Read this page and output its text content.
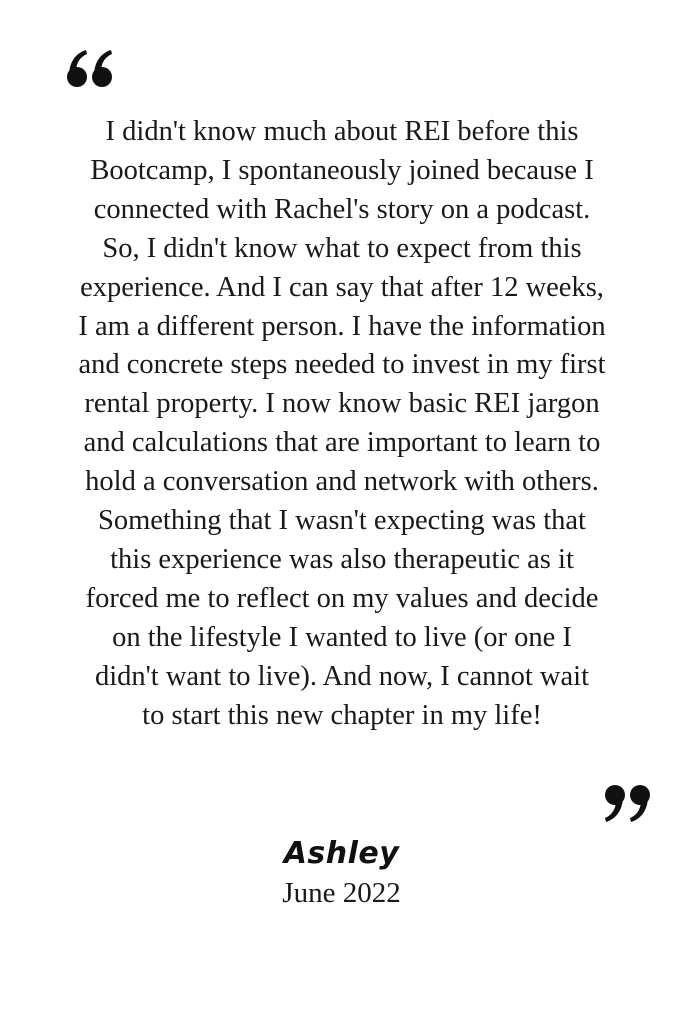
I didn't know much about REI before this
Bootcamp, I spontaneously joined because I
connected with Rachel's story on a podcast.
So, I didn't know what to expect from this
experience. And I can say that after 12 weeks,
I am a different person. I have the information
and concrete steps needed to invest in my first
rental property. I now know basic REI jargon
and calculations that are important to learn to
hold a conversation and network with others.
Something that I wasn't expecting was that
this experience was also therapeutic as it
forced me to reflect on my values and decide
on the lifestyle I wanted to live (or one I
didn't want to live). And now, I cannot wait
to start this new chapter in my life!

Ashley
June 2022
